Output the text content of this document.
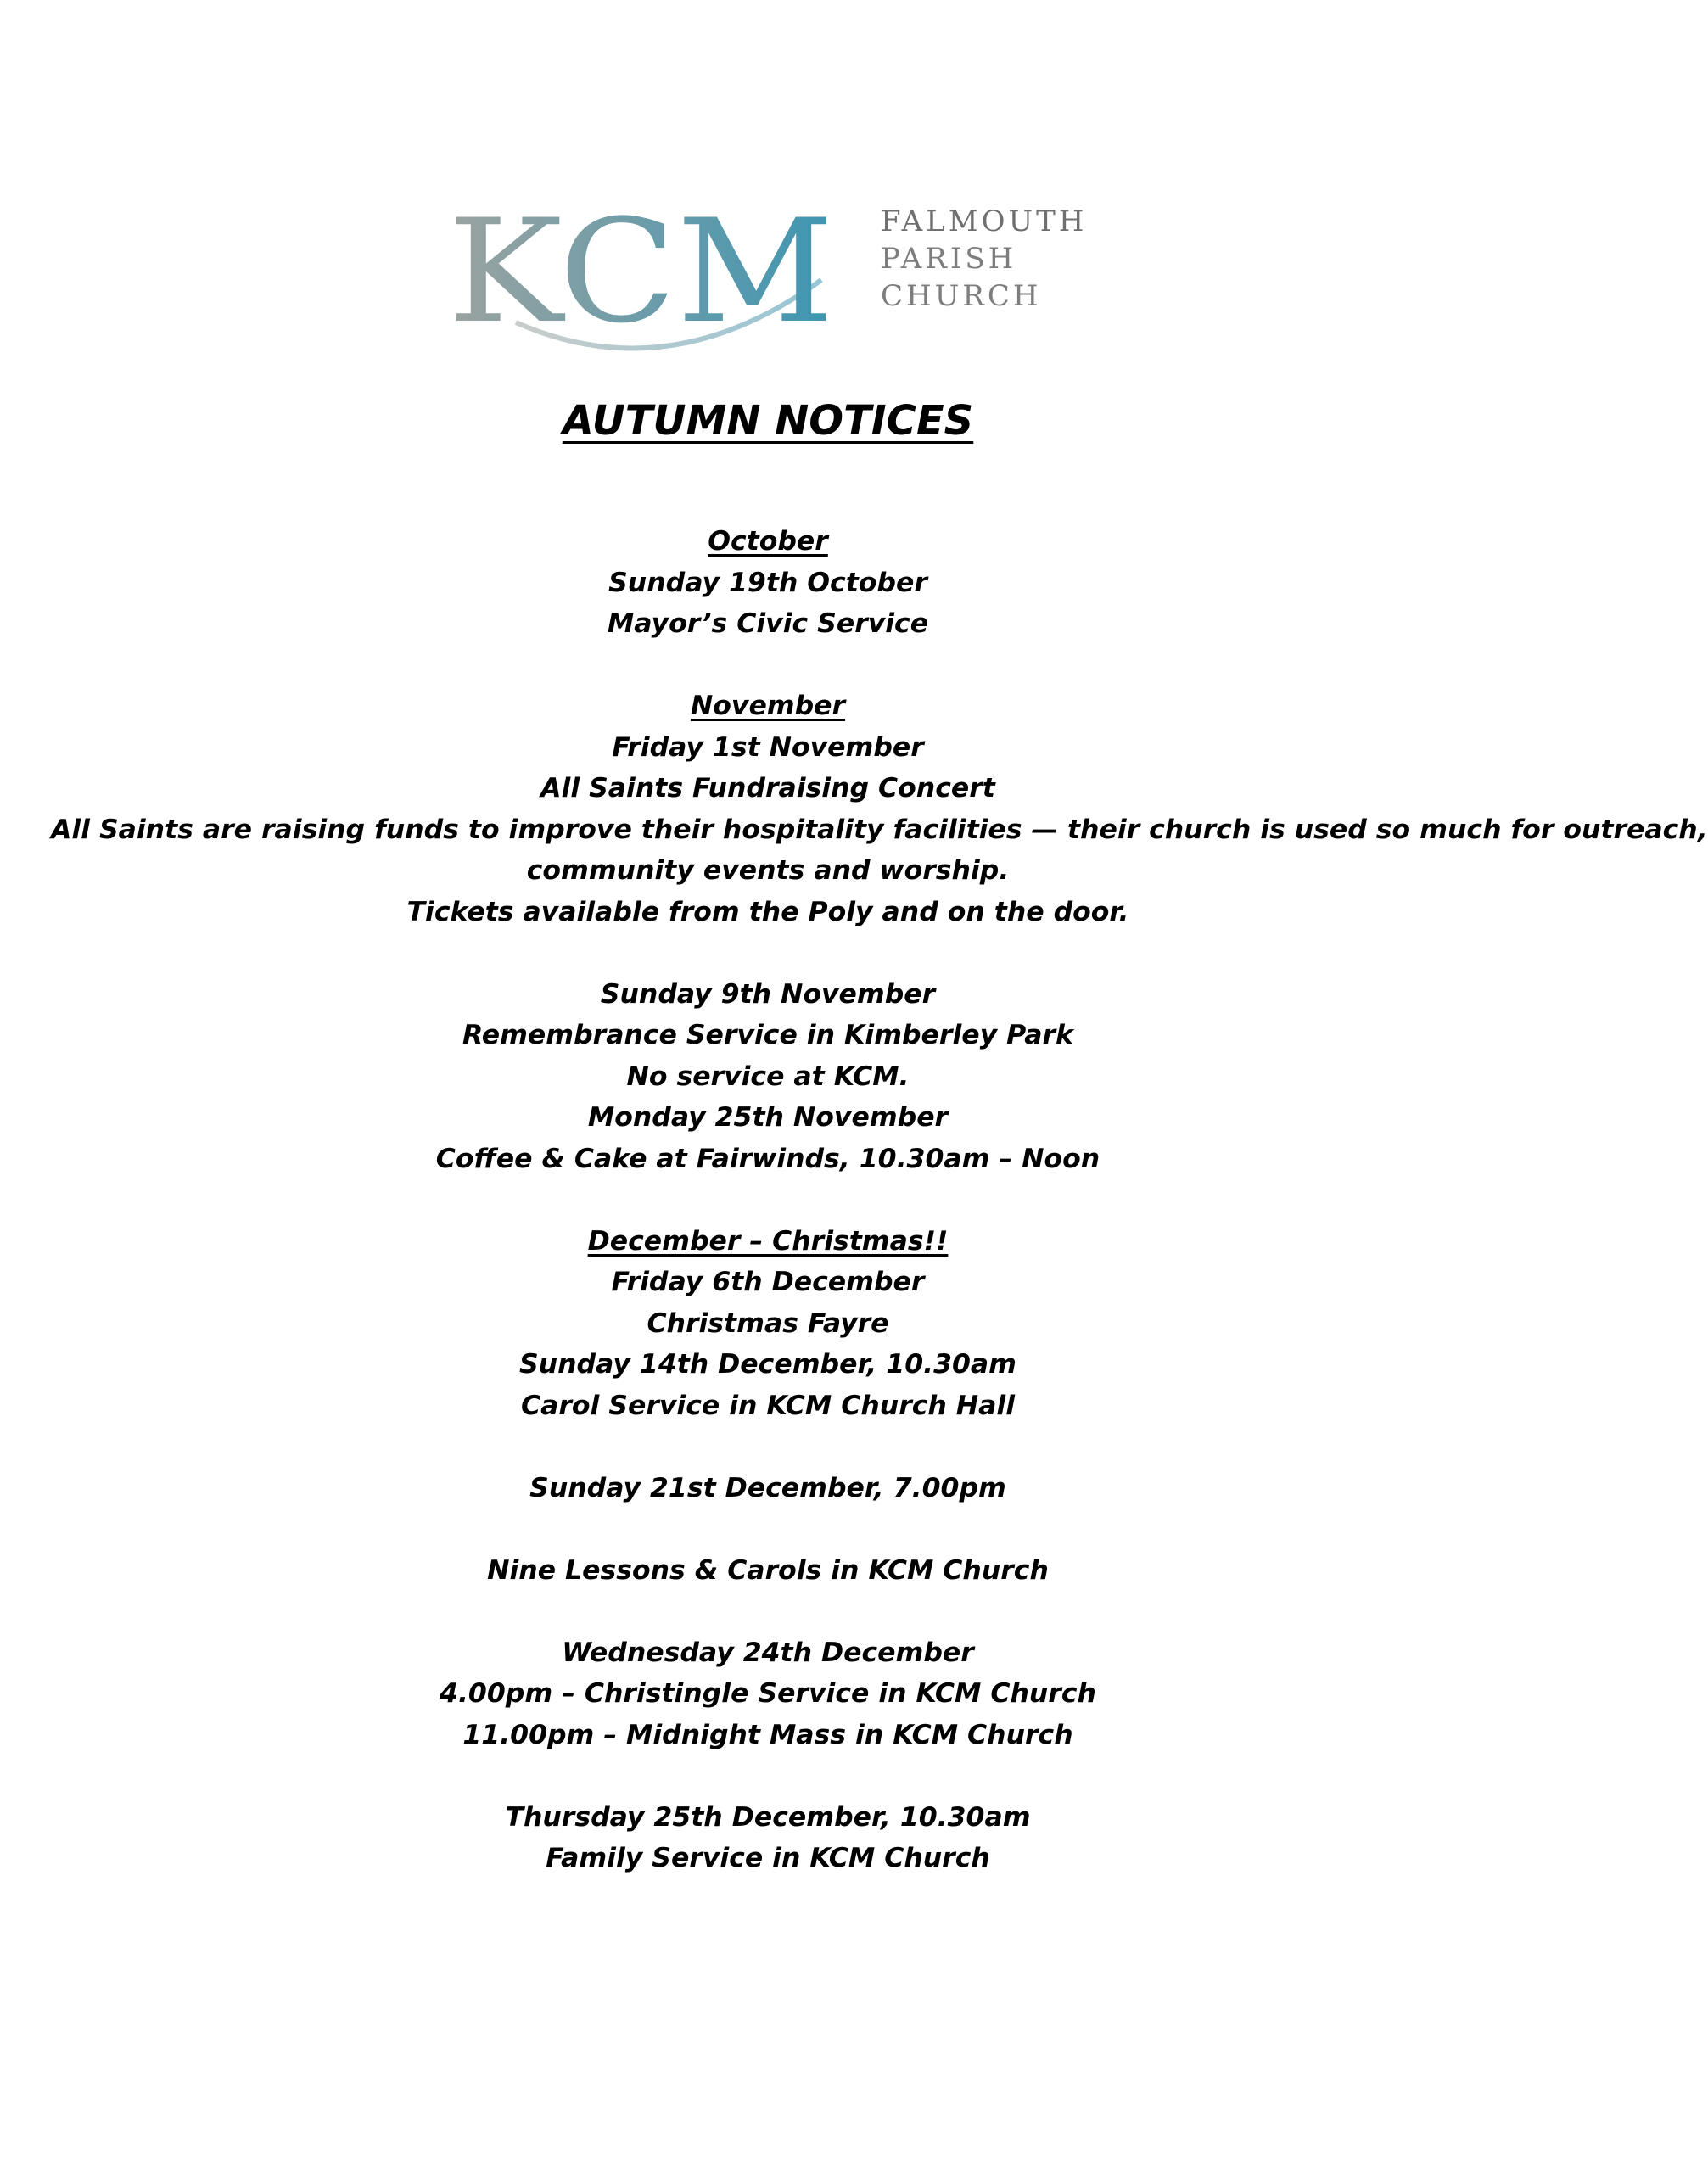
KCM FALMOUTH
PARISH
CHURCH
AUTUMN NOTICES
October
Sunday 19th October
Mayor’s Civic Service
November
Friday 1st November
All Saints Fundraising Concert
All Saints are raising funds to improve their hospitality facilities — their church is used so much for outreach,
community events and worship.
Tickets available from the Poly and on the door.
Sunday 9th November
Remembrance Service in Kimberley Park
No service at KCM.
Monday 25th November
Coffee & Cake at Fairwinds, 10.30am – Noon
December – Christmas!!
Friday 6th December
Christmas Fayre
Sunday 14th December, 10.30am
Carol Service in KCM Church Hall
Sunday 21st December, 7.00pm
Nine Lessons & Carols in KCM Church
Wednesday 24th December
4.00pm – Christingle Service in KCM Church
11.00pm – Midnight Mass in KCM Church
Thursday 25th December, 10.30am
Family Service in KCM Church
